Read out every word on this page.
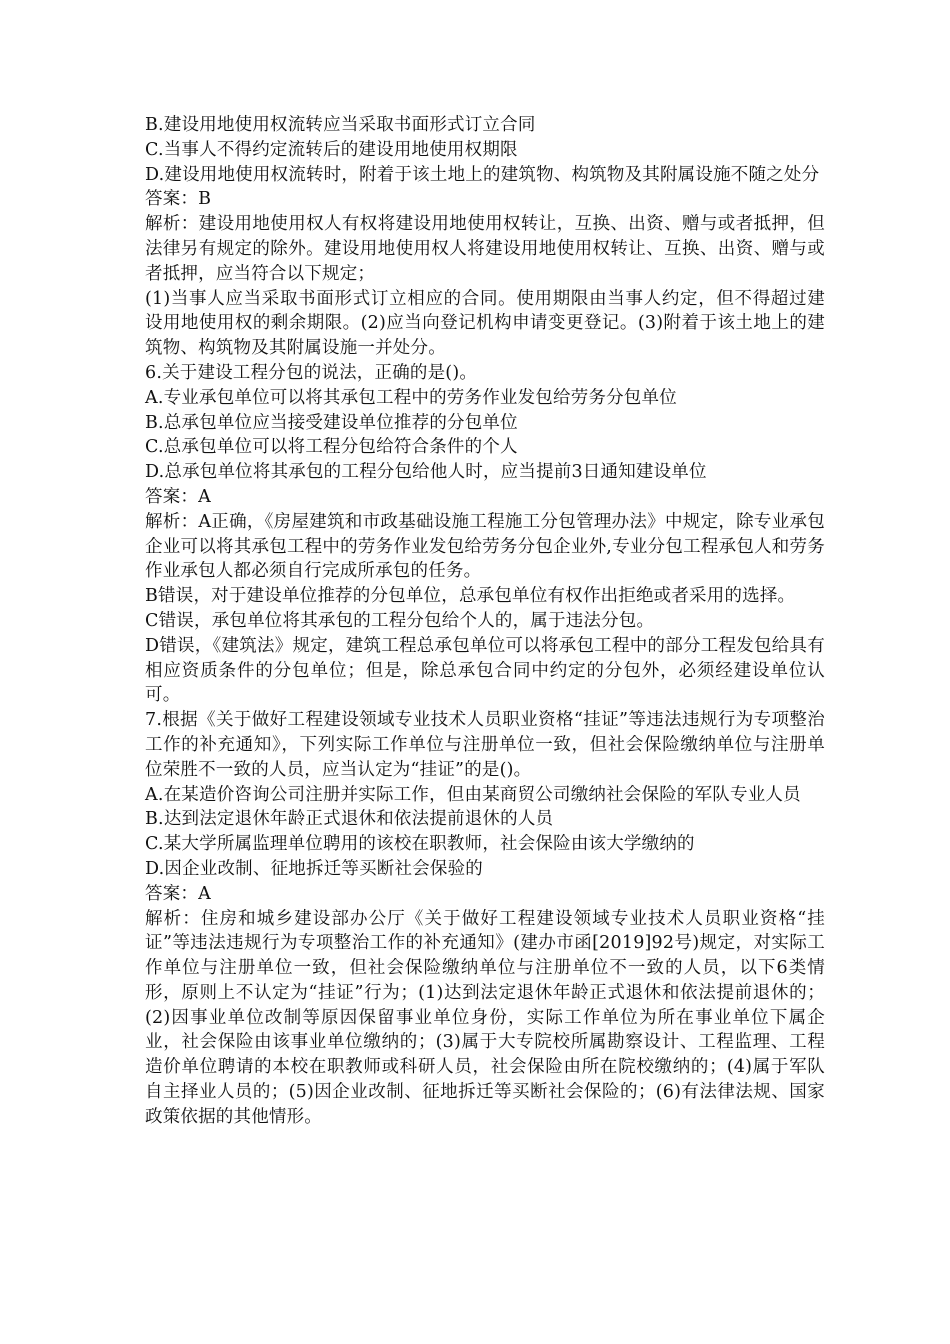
B.建设用地使用权流转应当采取书面形式订立合同

C.当事人不得约定流转后的建设用地使用权期限

D.建设用地使用权流转时，附着于该土地上的建筑物、构筑物及其附属设施不随之处分

答案：B

解析：建设用地使用权人有权将建设用地使用权转让，互换、出资、赠与或者抵押，但法律另有规定的除外。建设用地使用权人将建设用地使用权转让、互换、出资、赠与或者抵押，应当符合以下规定；

(1)当事人应当采取书面形式订立相应的合同。使用期限由当事人约定，但不得超过建设用地使用权的剩余期限。(2)应当向登记机构申请变更登记。(3)附着于该土地上的建筑物、构筑物及其附属设施一并处分。

6.关于建设工程分包的说法，正确的是()。

A.专业承包单位可以将其承包工程中的劳务作业发包给劳务分包单位

B.总承包单位应当接受建设单位推荐的分包单位

C.总承包单位可以将工程分包给符合条件的个人

D.总承包单位将其承包的工程分包给他人时，应当提前3日通知建设单位

答案：A

解析：A正确，《房屋建筑和市政基础设施工程施工分包管理办法》中规定，除专业承包企业可以将其承包工程中的劳务作业发包给劳务分包企业外,专业分包工程承包人和劳务作业承包人都必须自行完成所承包的任务。

B错误，对于建设单位推荐的分包单位，总承包单位有权作出拒绝或者采用的选择。

C错误，承包单位将其承包的工程分包给个人的，属于违法分包。

D错误，《建筑法》规定，建筑工程总承包单位可以将承包工程中的部分工程发包给具有相应资质条件的分包单位；但是，除总承包合同中约定的分包外，必须经建设单位认可。

7.根据《关于做好工程建设领域专业技术人员职业资格“挂证”等违法违规行为专项整治工作的补充通知》，下列实际工作单位与注册单位一致，但社会保险缴纳单位与注册单位荣胜不一致的人员，应当认定为“挂证”的是()。

A.在某造价咨询公司注册并实际工作，但由某商贸公司缴纳社会保险的军队专业人员

B.达到法定退休年龄正式退休和依法提前退休的人员

C.某大学所属监理单位聘用的该校在职教师，社会保险由该大学缴纳的

D.因企业改制、征地拆迁等买断社会保验的

答案：A

解析：住房和城乡建设部办公厅《关于做好工程建设领域专业技术人员职业资格“挂证”等违法违规行为专项整治工作的补充通知》(建办市函[2019]92号)规定，对实际工作单位与注册单位一致，但社会保险缴纳单位与注册单位不一致的人员，以下6类情形，原则上不认定为“挂证”行为；(1)达到法定退休年龄正式退休和依法提前退休的；(2)因事业单位改制等原因保留事业单位身份，实际工作单位为所在事业单位下属企业，社会保险由该事业单位缴纳的；(3)属于大专院校所属勘察设计、工程监理、工程造价单位聘请的本校在职教师或科研人员，社会保险由所在院校缴纳的；(4)属于军队自主择业人员的；(5)因企业改制、征地拆迁等买断社会保险的；(6)有法律法规、国家政策依据的其他情形。
